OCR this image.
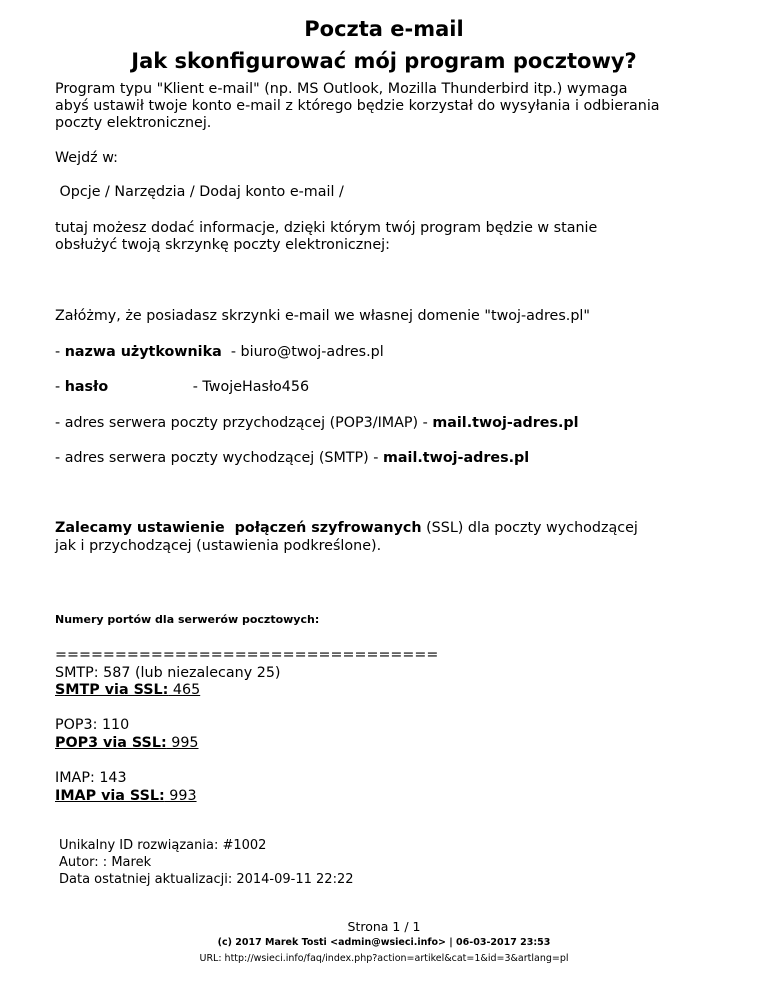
Poczta e-mail
Jak skonfigurować mój program pocztowy?

Program typu "Klient e-mail" (np. MS Outlook, Mozilla Thunderbird itp.) wymaga

abyś ustawił twoje konto e-mail z którego będzie korzystał do wysyłania i odbierania

poczty elektronicznej.

Wejdź w:

Opcje / Narzędzia / Dodaj konto e-mail /

tutaj możesz dodać informacje, dzięki którym twój program będzie w stanie

obsłużyć twoją skrzynkę poczty elektronicznej:

Załóżmy, że posiadasz skrzynki e-mail we własnej domenie "twoj-adres.pl"

- nazwa użytkownika  - biuro@twoj-adres.pl

- hasło	- TwojeHasło456

- adres serwera poczty przychodzącej (POP3/IMAP) - mail.twoj-adres.pl

- adres serwera poczty wychodzącej (SMTP) - mail.twoj-adres.pl

Zalecamy ustawienie  połączeń szyfrowanych (SSL) dla poczty wychodzącej

jak i przychodzącej (ustawienia podkreślone).

Numery portów dla serwerów pocztowych:

================================

SMTP: 587 (lub niezalecany 25)

SMTP via SSL: 465

POP3: 110

POP3 via SSL: 995

IMAP: 143

IMAP via SSL: 993

Unikalny ID rozwiązania: #1002

Autor: : Marek

Data ostatniej aktualizacji: 2014-09-11 22:22

Strona 1 / 1

(c) 2017 Marek Tosti <admin@wsieci.info> | 06-03-2017 23:53

URL: http://wsieci.info/faq/index.php?action=artikel&cat=1&id=3&artlang=pl
